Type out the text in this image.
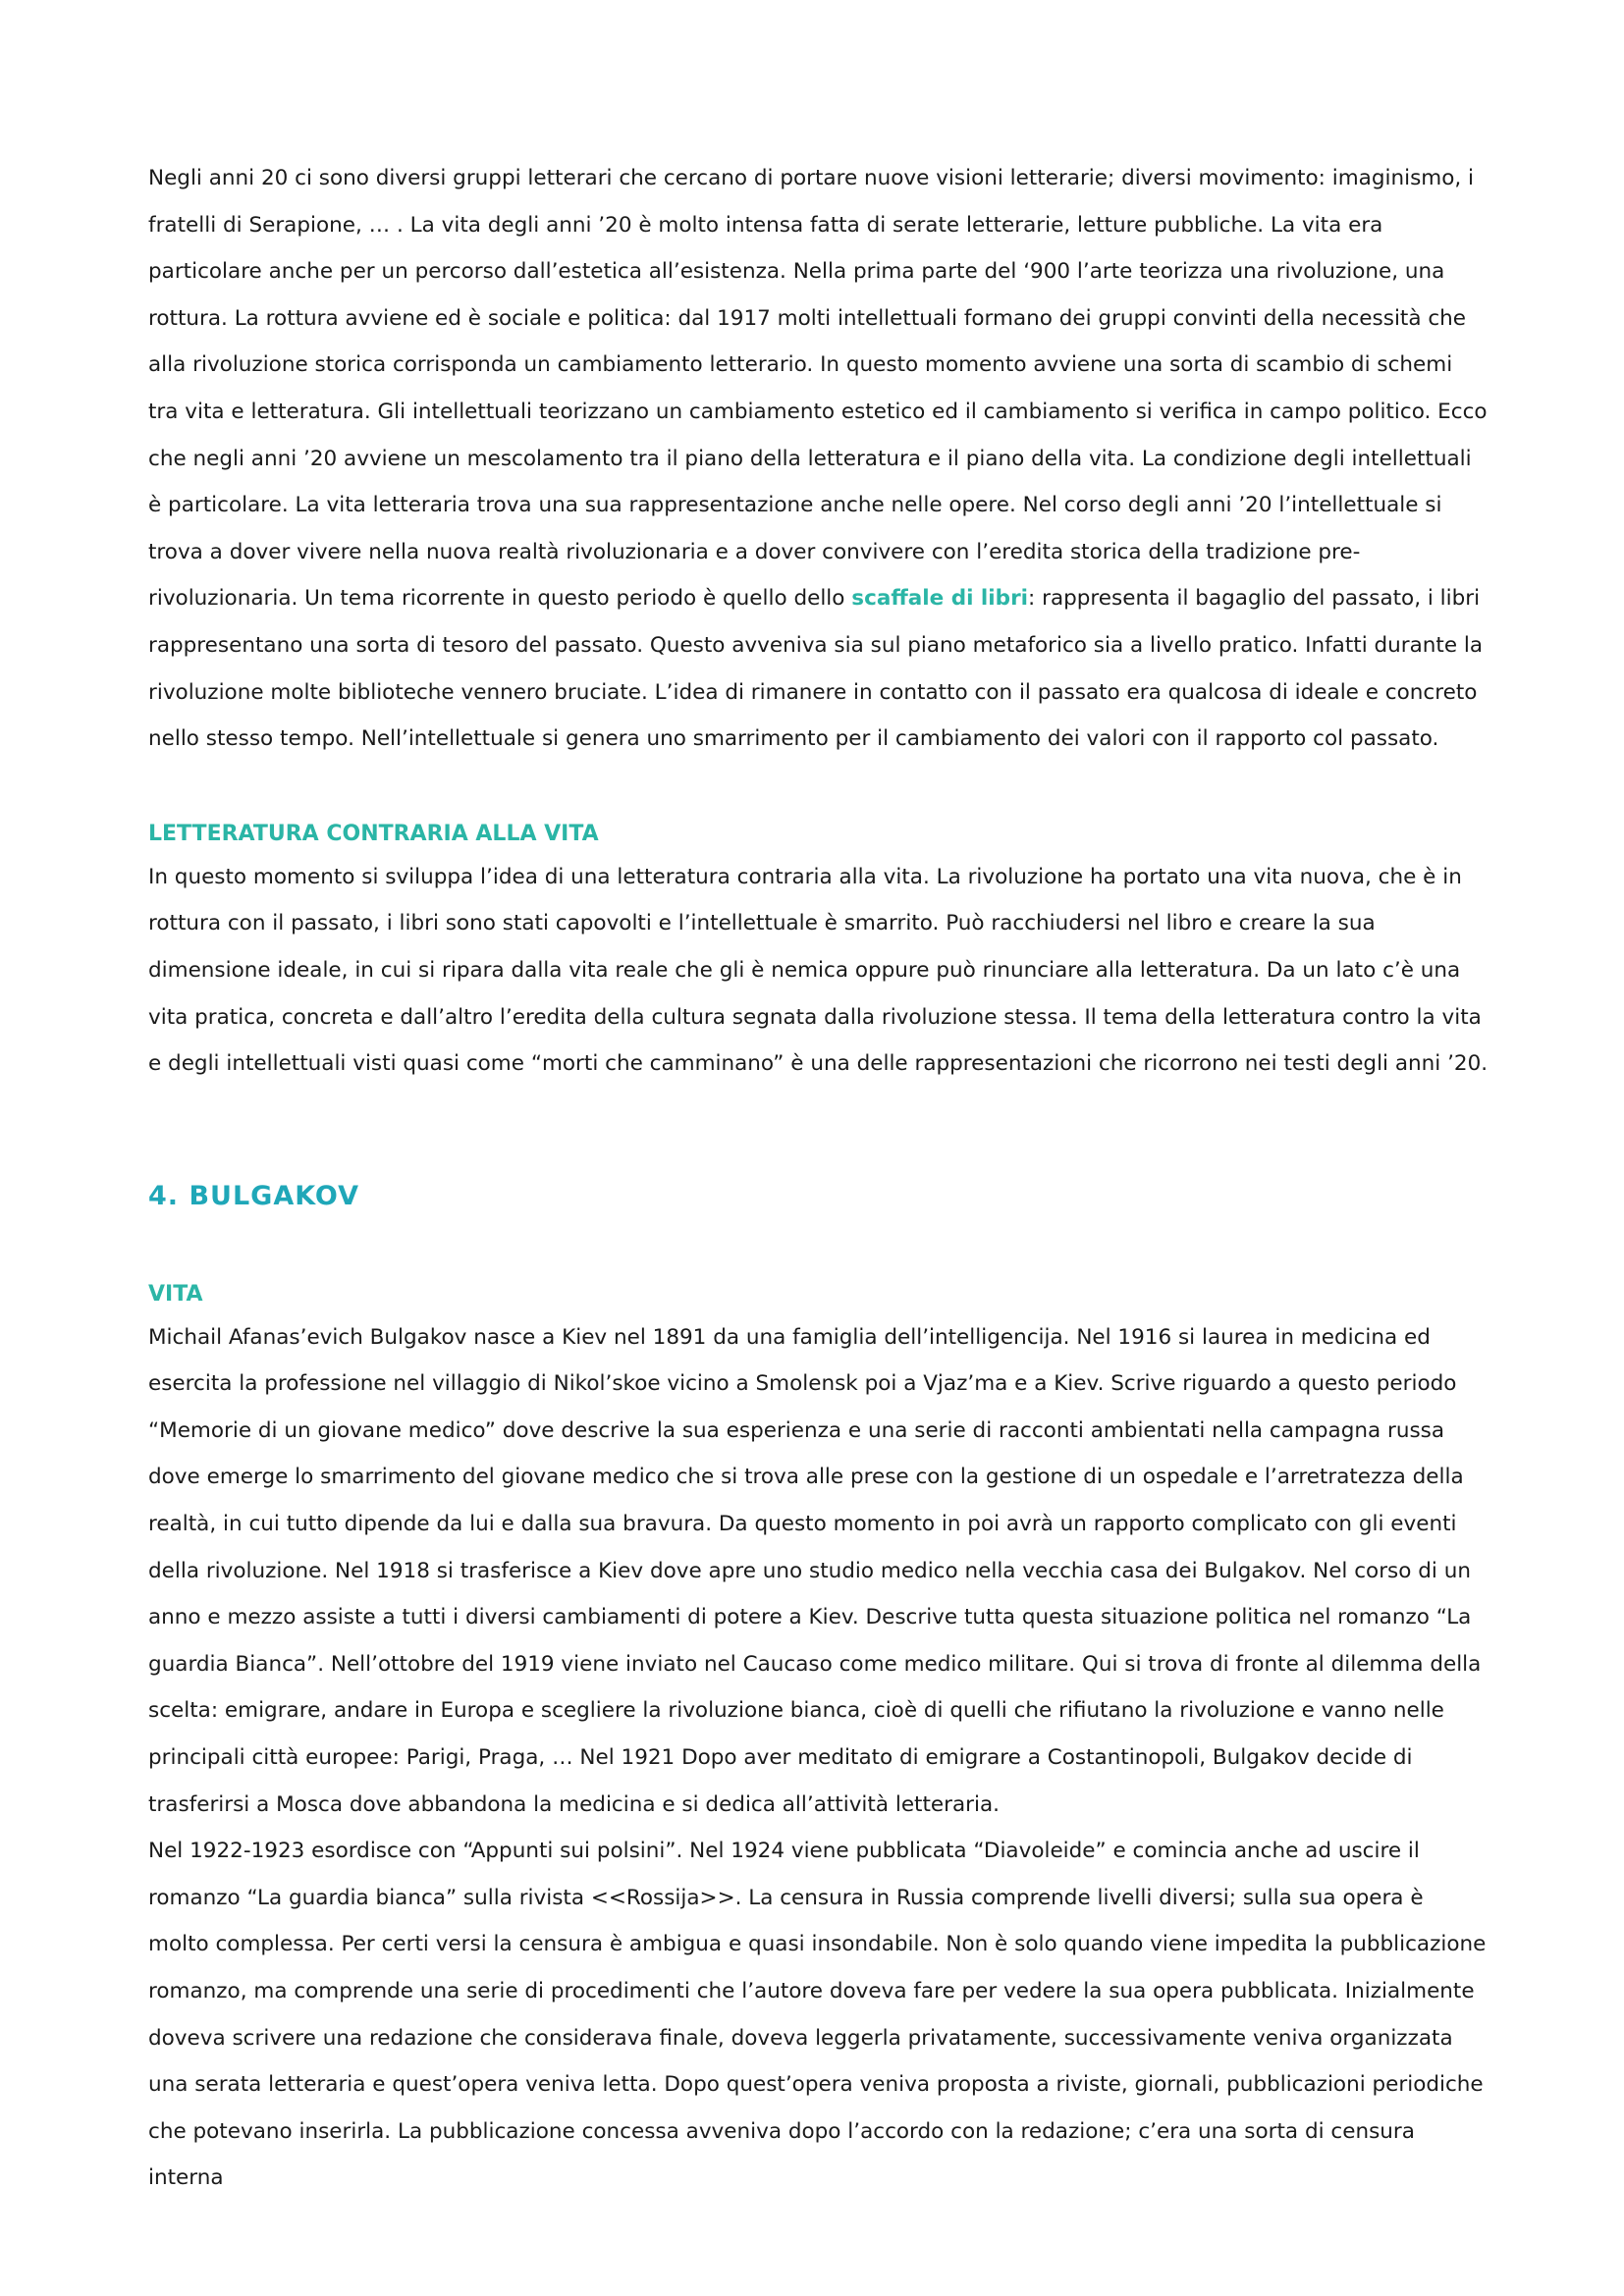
Negli anni 20 ci sono diversi gruppi letterari che cercano di portare nuove visioni letterarie; diversi movimento: imaginismo, i fratelli di Serapione, … . La vita degli anni ’20 è molto intensa fatta di serate letterarie, letture pubbliche. La vita era particolare anche per un percorso dall’estetica all’esistenza. Nella prima parte del ‘900 l’arte teorizza una rivoluzione, una rottura. La rottura avviene ed è sociale e politica: dal 1917 molti intellettuali formano dei gruppi convinti della necessità che alla rivoluzione storica corrisponda un cambiamento letterario. In questo momento avviene una sorta di scambio di schemi tra vita e letteratura. Gli intellettuali teorizzano un cambiamento estetico ed il cambiamento si verifica in campo politico. Ecco che negli anni ’20 avviene un mescolamento tra il piano della letteratura e il piano della vita. La condizione degli intellettuali è particolare. La vita letteraria trova una sua rappresentazione anche nelle opere. Nel corso degli anni ’20 l’intellettuale si trova a dover vivere nella nuova realtà rivoluzionaria e a dover convivere con l’eredita storica della tradizione pre-rivoluzionaria. Un tema ricorrente in questo periodo è quello dello scaffale di libri: rappresenta il bagaglio del passato, i libri rappresentano una sorta di tesoro del passato. Questo avveniva sia sul piano metaforico sia a livello pratico. Infatti durante la rivoluzione molte biblioteche vennero bruciate. L’idea di rimanere in contatto con il passato era qualcosa di ideale e concreto nello stesso tempo. Nell’intellettuale si genera uno smarrimento per il cambiamento dei valori con il rapporto col passato.

LETTERATURA CONTRARIA ALLA VITA

In questo momento si sviluppa l’idea di una letteratura contraria alla vita. La rivoluzione ha portato una vita nuova, che è in rottura con il passato, i libri sono stati capovolti e l’intellettuale è smarrito. Può racchiudersi nel libro e creare la sua dimensione ideale, in cui si ripara dalla vita reale che gli è nemica oppure può rinunciare alla letteratura. Da un lato c’è una vita pratica, concreta e dall’altro l’eredita della cultura segnata dalla rivoluzione stessa. Il tema della letteratura contro la vita e degli intellettuali visti quasi come “morti che camminano” è una delle rappresentazioni che ricorrono nei testi degli anni ’20.

4. BULGAKOV
VITA

Michail Afanas’evich Bulgakov nasce a Kiev nel 1891 da una famiglia dell’intelligencija. Nel 1916 si laurea in medicina ed esercita la professione nel villaggio di Nikol’skoe vicino a Smolensk poi a Vjaz’ma e a Kiev. Scrive riguardo a questo periodo “Memorie di un giovane medico” dove descrive la sua esperienza e una serie di racconti ambientati nella campagna russa dove emerge lo smarrimento del giovane medico che si trova alle prese con la gestione di un ospedale e l’arretratezza della realtà, in cui tutto dipende da lui e dalla sua bravura. Da questo momento in poi avrà un rapporto complicato con gli eventi della rivoluzione. Nel 1918 si trasferisce a Kiev dove apre uno studio medico nella vecchia casa dei Bulgakov. Nel corso di un anno e mezzo assiste a tutti i diversi cambiamenti di potere a Kiev. Descrive tutta questa situazione politica nel romanzo “La guardia Bianca”. Nell’ottobre del 1919 viene inviato nel Caucaso come medico militare. Qui si trova di fronte al dilemma della scelta: emigrare, andare in Europa e scegliere la rivoluzione bianca, cioè di quelli che rifiutano la rivoluzione e vanno nelle principali città europee: Parigi, Praga, … Nel 1921 Dopo aver meditato di emigrare a Costantinopoli, Bulgakov decide di trasferirsi a Mosca dove abbandona la medicina e si dedica all’attività letteraria.

Nel 1922-1923 esordisce con “Appunti sui polsini”. Nel 1924 viene pubblicata “Diavoleide” e comincia anche ad uscire il romanzo “La guardia bianca” sulla rivista <<Rossija>>. La censura in Russia comprende livelli diversi; sulla sua opera è molto complessa. Per certi versi la censura è ambigua e quasi insondabile. Non è solo quando viene impedita la pubblicazione romanzo, ma comprende una serie di procedimenti che l’autore doveva fare per vedere la sua opera pubblicata. Inizialmente doveva scrivere una redazione che considerava finale, doveva leggerla privatamente, successivamente veniva organizzata una serata letteraria e quest’opera veniva letta. Dopo quest’opera veniva proposta a riviste, giornali, pubblicazioni periodiche che potevano inserirla. La pubblicazione concessa avveniva dopo l’accordo con la redazione; c’era una sorta di censura interna
